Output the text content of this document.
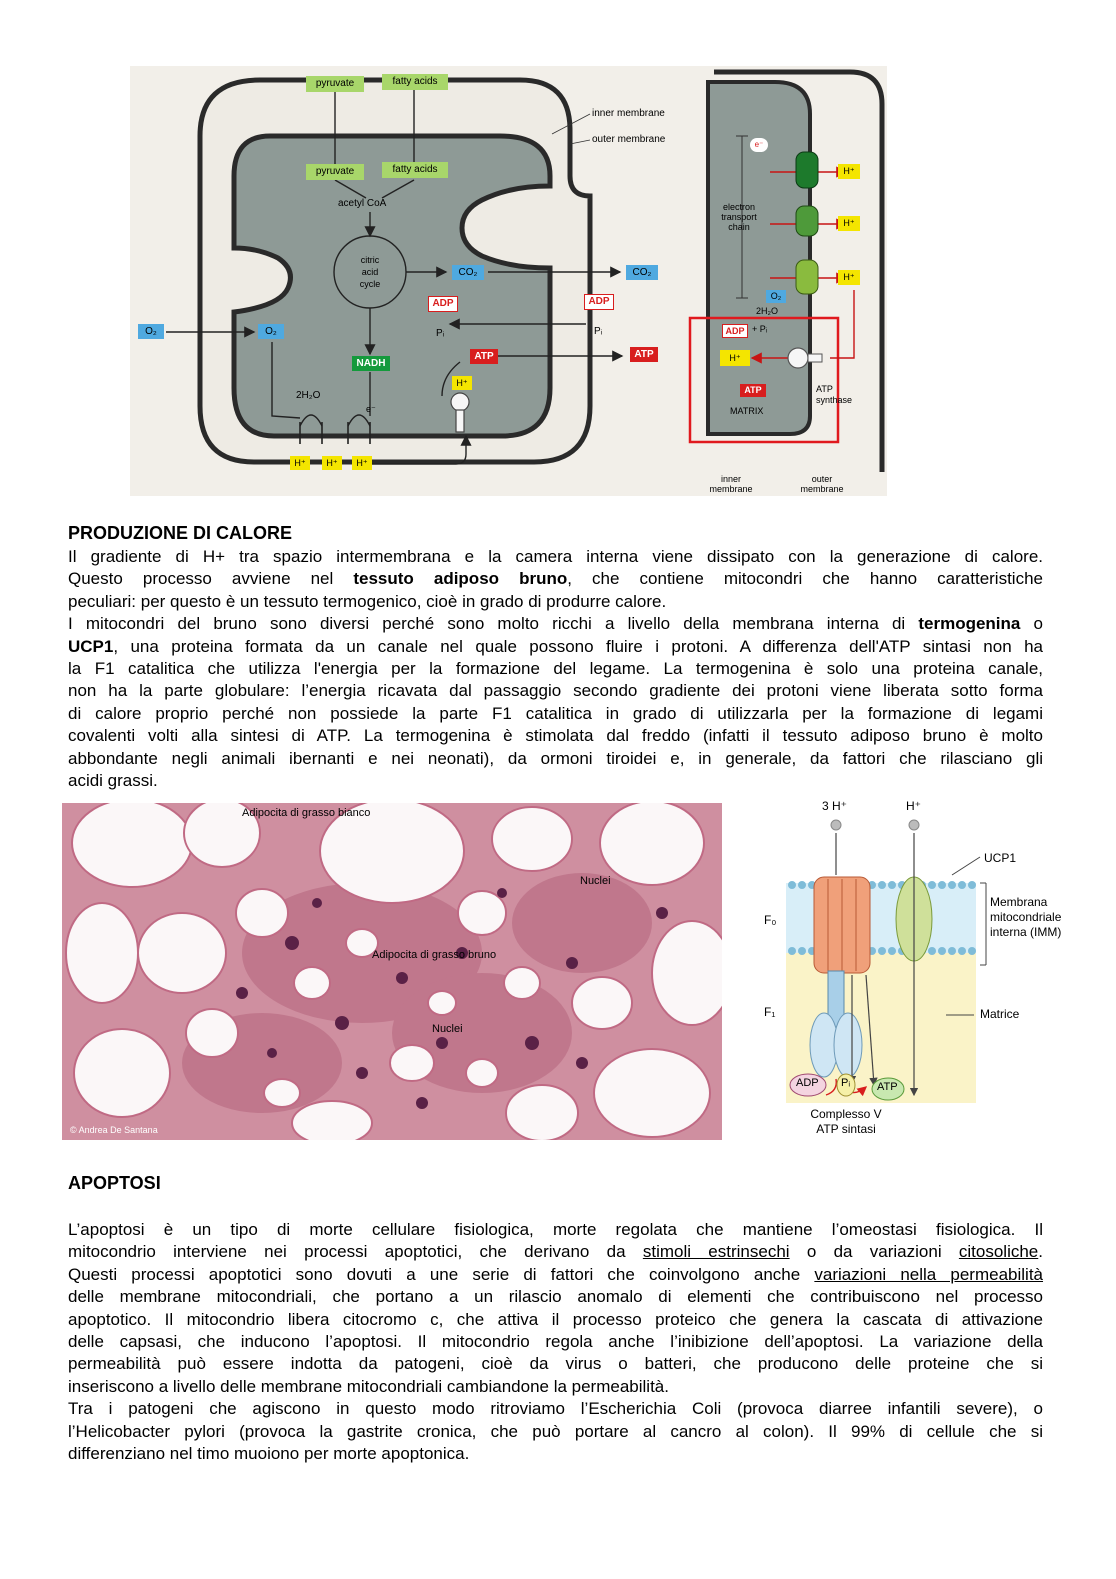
pyruvate	fatty acids
pyruvate	fatty acids
acetyl CoA
citric
acid
cycle
CO₂	CO₂
O₂	O₂
NADH
ADP	ADP
Pᵢ	Pᵢ
ATP	ATP
H⁺
2H₂O
e⁻
H⁺	H⁺	H⁺
inner membrane
outer membrane	e⁻
electron
transport
chain
H⁺
H⁺
H⁺
O₂
2H₂O
ADP + Pᵢ
H⁺
ATP
MATRIX
ATP
synthase
inner
membrane
outer
membrane
PRODUZIONE DI CALORE
Il gradiente di H+ tra spazio intermembrana e la camera interna viene dissipato con la generazione di calore.
Questo processo avviene nel tessuto adiposo bruno, che contiene mitocondri che hanno caratteristiche
peculiari: per questo è un tessuto termogenico, cioè in grado di produrre calore.
I mitocondri del bruno sono diversi perché sono molto ricchi a livello della membrana interna di termogenina o
UCP1, una proteina formata da un canale nel quale possono fluire i protoni. A differenza dell'ATP sintasi non ha
la F1 catalitica che utilizza l'energia per la formazione del legame. La termogenina è solo una proteina canale,
non ha la parte globulare: l’energia ricavata dal passaggio secondo gradiente dei protoni viene liberata sotto forma
di calore proprio perché non possiede la parte F1 catalitica in grado di utilizzarla per la formazione di legami
covalenti volti alla sintesi di ATP. La termogenina è stimolata dal freddo (infatti il tessuto adiposo bruno è molto
abbondante negli animali ibernanti e nei neonati), da ormoni tiroidei e, in generale, da fattori che rilasciano gli
acidi grassi.
Adipocita di grasso bianco
Nuclei
Adipocita di grasso bruno
Nuclei
© Andrea De Santana
3 H⁺	H⁺
UCP1
F₀
F₁
Membrana
mitocondriale
interna (IMM)
Matrice
ADP Pᵢ ATP
Complesso V
ATP sintasi
APOPTOSI
L’apoptosi è un tipo di morte cellulare fisiologica, morte regolata che mantiene l’omeostasi fisiologica. Il
mitocondrio interviene nei processi apoptotici, che derivano da stimoli estrinsechi o da variazioni citosoliche.
Questi processi apoptotici sono dovuti a une serie di fattori che coinvolgono anche variazioni nella permeabilità
delle membrane mitocondriali, che portano a un rilascio anomalo di elementi che contribuiscono nel processo
apoptotico. Il mitocondrio libera citocromo c, che attiva il processo proteico che genera la cascata di attivazione
delle capsasi, che inducono l’apoptosi. Il mitocondrio regola anche l’inibizione dell’apoptosi. La variazione della
permeabilità può essere indotta da patogeni, cioè da virus o batteri, che producono delle proteine che si
inseriscono a livello delle membrane mitocondriali cambiandone la permeabilità.
Tra i patogeni che agiscono in questo modo ritroviamo l’Escherichia Coli (provoca diarree infantili severe), o
l’Helicobacter pylori (provoca la gastrite cronica, che può portare al cancro al colon). Il 99% di cellule che si
differenziano nel timo muoiono per morte apoptonica.
